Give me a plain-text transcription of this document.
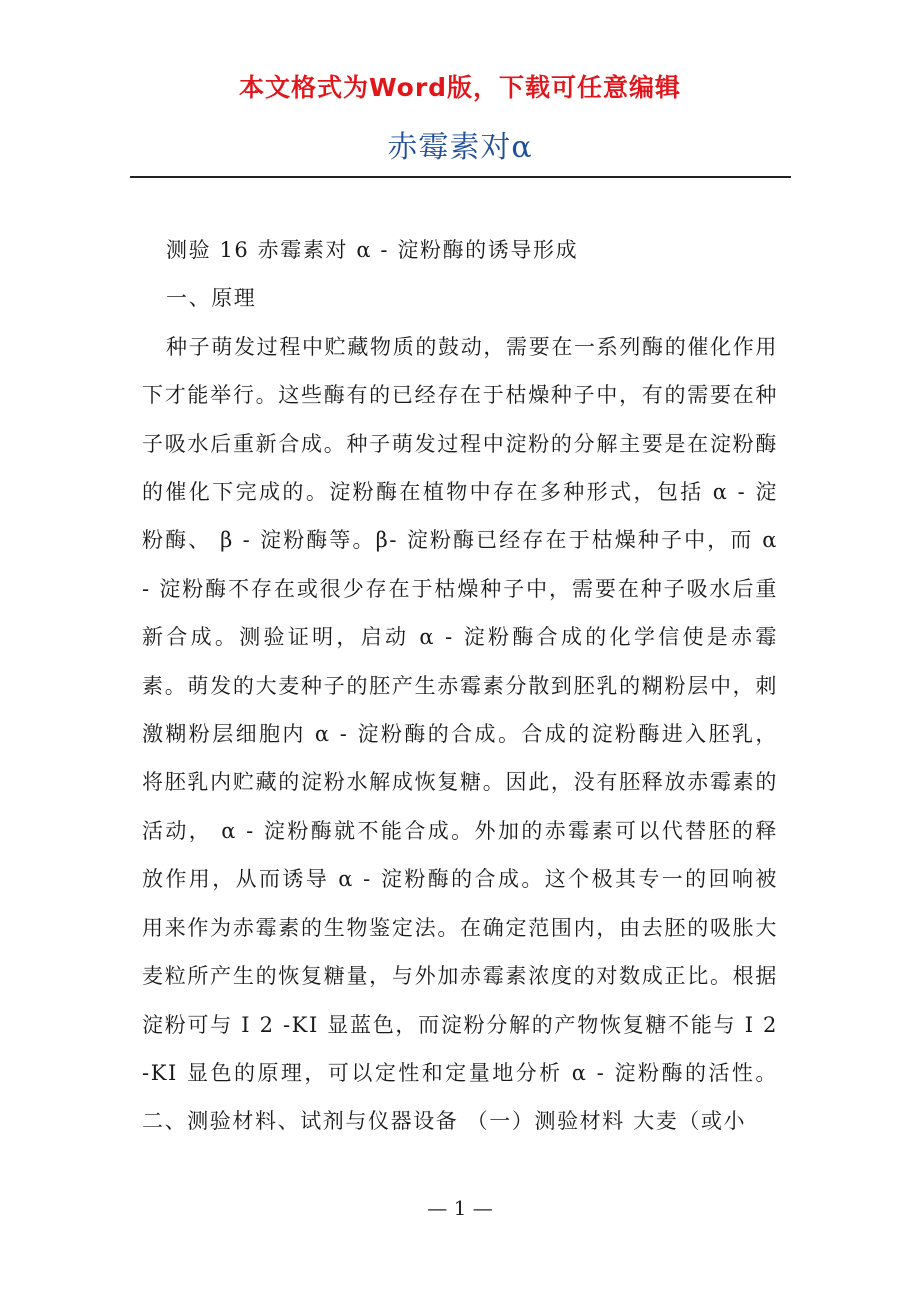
本文格式为Word版，下载可任意编辑
赤霉素对α

测验 16 赤霉素对 α - 淀粉酶的诱导形成

一、原理

种子萌发过程中贮藏物质的鼓动，需要在一系列酶的催化作用下才能举行。这些酶有的已经存在于枯燥种子中，有的需要在种子吸水后重新合成。种子萌发过程中淀粉的分解主要是在淀粉酶的催化下完成的。淀粉酶在植物中存在多种形式，包括 α - 淀粉酶、 β - 淀粉酶等。β- 淀粉酶已经存在于枯燥种子中，而 α - 淀粉酶不存在或很少存在于枯燥种子中，需要在种子吸水后重新合成。测验证明，启动 α - 淀粉酶合成的化学信使是赤霉素。萌发的大麦种子的胚产生赤霉素分散到胚乳的糊粉层中，刺激糊粉层细胞内 α - 淀粉酶的合成。合成的淀粉酶进入胚乳，将胚乳内贮藏的淀粉水解成恢复糖。因此，没有胚释放赤霉素的活动， α - 淀粉酶就不能合成。外加的赤霉素可以代替胚的释放作用，从而诱导 α - 淀粉酶的合成。这个极其专一的回响被用来作为赤霉素的生物鉴定法。在确定范围内，由去胚的吸胀大麦粒所产生的恢复糖量，与外加赤霉素浓度的对数成正比。根据淀粉可与 I 2 -KI 显蓝色，而淀粉分解的产物恢复糖不能与 I 2 -KI 显色的原理，可以定性和定量地分析 α - 淀粉酶的活性。 二、测验材料、试剂与仪器设备 （一）测验材料 大麦（或小

— 1 —
